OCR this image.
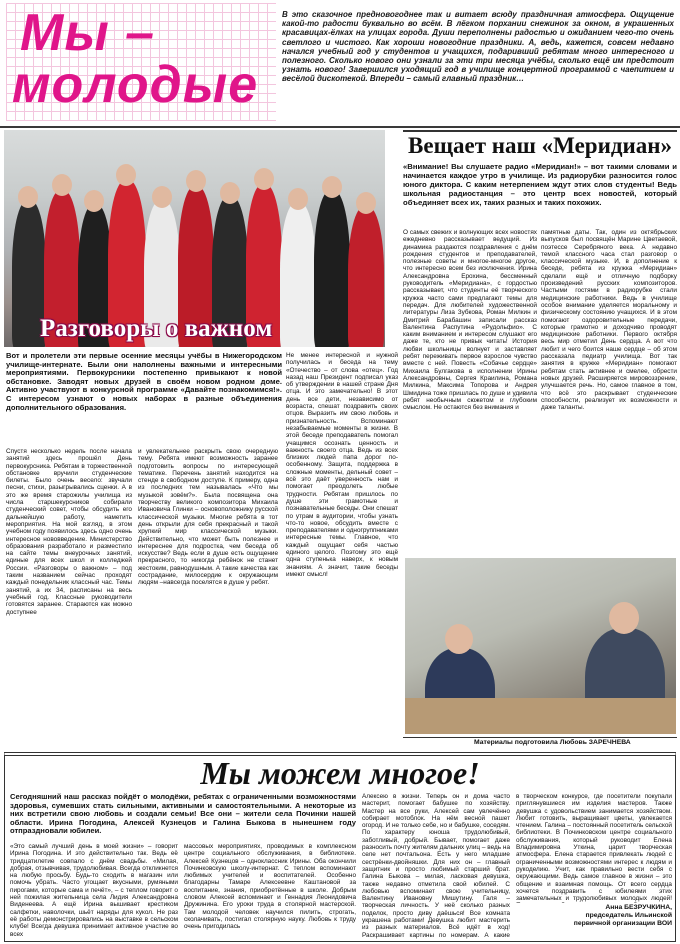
Мы –
молодые
В это сказочное предновогоднее так и витает всюду праздничная атмосфера. Ощущение какой-то радости буквально во всём. В лёгком порхании снежинок за окном, в украшенных красавицах-ёлках на улицах города. Души переполнены радостью и ожиданием чего-то очень светлого и чистого. Как хороши новогодние праздники. А, ведь, кажется, совсем недавно начался учебный год у студентов и учащихся, подаривший ребятам много интересного и полезного. Сколько нового они узнали за эти три месяца учёбы, сколько ещё им предстоит узнать нового! Завершился уходящий год в училище концертной программой с чаепитием и весёлой дискотекой. Впереди – самый главный праздник…
Разговоры о важном
Вот и пролетели эти первые осенние месяцы учёбы в Нижегородском училище-интернате. Были они наполнены важными и интересными мероприятиями. Первокурсники постепенно привыкают к новой обстановке. Заводят новых друзей в своём новом родном доме. Активно участвуют в конкурсной программе «Давайте познакомимся!». С интересом узнают о новых наборах в разные объединения дополнительного образования.
Спустя несколько недель после начала занятий здесь прошёл День первокурсника. Ребятам в торжественной обстановке вручили студенческие билеты. Было очень весело: звучали песни, стихи, разыгрывались сценки. А в это же время старожилы училища из числа старшекурсников собирали студенческий совет, чтобы обсудить его дальнейшую работу, наметить мероприятия. На мой взгляд, в этом учебном году появилось здесь одно очень интересное нововведение. Министерство образования разработало и разместило на сайте темы внеурочных занятий, единые для всех школ и колледжей России. «Разговоры о важном» – под таким названием сейчас проходят каждый понедельник классный час. Темы занятий, а их 34, расписаны на весь учебный год. Классные руководители готовятся заранее. Стараются как можно доступнее
и увлекательнее раскрыть свою очередную тему. Ребята имеют возможность заранее подготовить вопросы по интересующей тематике. Перечень занятий находится на стенде в свободном доступе. К примеру, одна из последних тем называлась «Что мы музыкой зовём?». Была посвящена она творчеству великого композитора Михаила Ивановича Глинки – основоположнику русской классической музыки. Многие ребята в тот день открыли для себя прекрасный и такой хрупкий мир классической музыки. Действительно, что может быть полезнее и интереснее для подростка, чем беседа об искусстве? Ведь если в душе есть ощущение прекрасного, то никогда ребёнок не станет жестоким, равнодушным. А такие качества как сострадание, милосердие к окружающим людям –навсегда поселятся в душе у ребят.
Не менее интересной и нужной получилась и беседа на тему «Отечество – от слова «отец». Год назад наш Президент подписал указ об утверждении в нашей стране Дня отца. И это замечательно! В этот день все дети, независимо от возраста, спешат поздравить своих отцов. Выразить им свою любовь и признательность. Вспоминают незабываемые моменты в жизни. В этой беседе преподаватель помогал учащимся осознать ценность и важность своего отца. Ведь из всех близких людей папа дорог по-особенному. Защита, поддержка в сложные моменты, дельный совет – всё это даёт уверенность нам и помогает преодолеть любые трудности. Ребятам пришлось по душе эти грамотные и познавательные беседы. Они спешат по утрам в аудитории, чтобы узнать что-то новое, обсудить вместе с преподавателями и одногруппниками интересные темы. Главное, что каждый ощущает себя частью единого целого. Поэтому это ещё одна ступенька наверх, к новым знаниям. А значит, такие беседы имеют смысл!
Вещает наш «Меридиан»
«Внимание! Вы слушаете радио «Меридиан!» – вот такими словами и начинается каждое утро в училище. Из радиорубки разносится голос юного диктора. С каким нетерпением ждут этих слов студенты! Ведь школьная радиостанция – это центр всех новостей, который объединяет всех их, таких разных и таких похожих.
О самых свежих и волнующих всех новостях ежедневно рассказывает ведущий. Из динамика раздаются поздравления с днём рождения студентов и преподавателей, полезные советы и многое-многое другое, что интересно всем без исключения. Ирина Александровна Ерохина, бессменный руководитель «Меридиана», с гордостью рассказывает, что студенты её творческого кружка часто сами предлагают темы для передач. Для любителей художественной литературы Лиза Зубкова, Роман Милкин и Дмитрий Барабашин записали рассказ Валентина Распутина «Рудольфио». С каким вниманием и интересом слушают его даже те, кто не привык читать! История любви школьницы волнует и заставляет ребят переживать первое взрослое чувство вместе с ней. Повесть «Собачье сердце» Михаила Булгакова в исполнении Ирины Александровны, Сергея Краилина, Романа Милкина, Максима Топорова и Андрея Шмидина тоже пришлась по душе и удивила ребят необычным сюжетом и глубоким смыслом. Не остаются без внимания и
памятные даты. Так, один из октябрьских выпусков был посвящён Марине Цветаевой, поэтессе Серебряного века. А недавно темой классного часа стал разговор о классической музыке. И, в дополнение к беседе, ребята из кружка «Меридиан» сделали ещё и отличную подборку произведений русских композиторов. Частыми гостями в радиорубке стали медицинские работники. Ведь в училище особое внимание уделяется моральному и физическому состоянию учащихся. И в этом помогают оздоровительные передачи, которые грамотно и доходчиво проводят медицинские работники. Первого октября весь мир отметил День сердца. А вот что любит и чего боится наше сердце – об этом рассказала педиатр училища. Вот так занятия в кружке «Меридиан» помогают ребятам стать активнее и смелее, обрести новых друзей. Расширяется мировоззрение, улучшается речь. Но, самое главное в том, что всё это раскрывает студенческие способности, реализует их возможности и даже таланты.
Материалы подготовила Любовь ЗАРЕЧНЕВА
Мы можем многое!
Сегодняшний наш рассказ пойдёт о молодёжи, ребятах с ограниченными возможностями здоровья, сумевших стать сильными, активными и самостоятельными. А некоторые из них встретили свою любовь и создали семьи! Все они – жители села Починки нашей области. Ирина Погодина, Алексей Кузнецов и Галина Быкова в нынешнем году отпраздновали юбилеи.
«Это самый лучший день в моей жизни» – говорит Ирина Погодина. И это действительно так. Ведь её тридцатилетие совпало с днём свадьбы. «Милая, добрая, отзывчивая, трудолюбивая. Всегда откликнется на любую просьбу. Будь-то сходить в магазин или помочь убрать. Часто угощает вкусными, румяными пирогами, которые сама и печёт», – с теплом говорит о ней пожилая жительница села Лидия Александровна Виденеева. А ещё Ирина вышивает крестиком салфетки, наволочки, шьёт наряды для кукол. Не раз её работы демонстрировались на выставке в сельском клубе! Всегда девушка принимает активное участие во всех
массовых мероприятиях, проводимых в комплексном центре социального обслуживания, в библиотеке. Алексей Кузнецов – одноклассник Ирины. Оба окончили Починковскую школу-интернат. С теплом вспоминают любимых учителей и воспитателей. Особенно благодарны Тамаре Алексеевне Каштановой за воспитание, знания, приобретённые в школе. Добрым словом Алексей вспоминает и Геннадия Леонидовича Дружинина. Его уроки труда в столярной мастерской. Там молодой человек научился пилить, строгать, сколачивать, постигал столярную науку. Любовь к труду очень пригодилась
Алексею в жизни. Теперь он и дома часто мастерит, помогает бабушке по хозяйству. Мастер на все руки, Алексей сам увлечённо собирает мотоблок. На нём весной пашет огород. И не только себе, но и бабушке, соседям. По характеру юноша трудолюбивый, заботливый, добрый. Бывает, помогает даже разносить почту жителям дальних улиц – ведь на селе нет почтальона. Есть у него младшие сестрёнки-двойняшки. Для них он – главный защитник и просто любимый старший брат. Галина Быкова – милая, ласковая девушка, также недавно отметила свой юбилей. С любовью вспоминает свою учительницу, Валентину Ивановну Мишутину. Галя – творческая личность. У неё сколько разных поделок, просто диву даёшься! Все комната украшена работами! Девушка любит мастерить из разных материалов. Всё идёт в ход! Раскрашивает картины по номерам. А какие
в творческом конкурсе, где посетители покупали приглянувшиеся им изделия мастеров. Также девушка с удовольствием занимается хозяйством. Любит готовить, выращивает цветы, увлекается чтением. Галина – постоянный посетитель сельской библиотеки. В Починковском центре социального обслуживания, который руководит Елена Владимировна Уткина, царит творческая атмосфера. Елена старается привлекать людей с ограниченными возможностями интерес к людям и рукоделию. Учит, как правильно вести себя с окружающими. Ведь самое главное в жизни – это общение и взаимная помощь. От всего сердца хочется поздравить с юбилеями этих замечательных и трудолюбивых молодых людей!
Анна БЕЗРУЧКИНА,
председатель Ильинской
первичной организации ВОИ
